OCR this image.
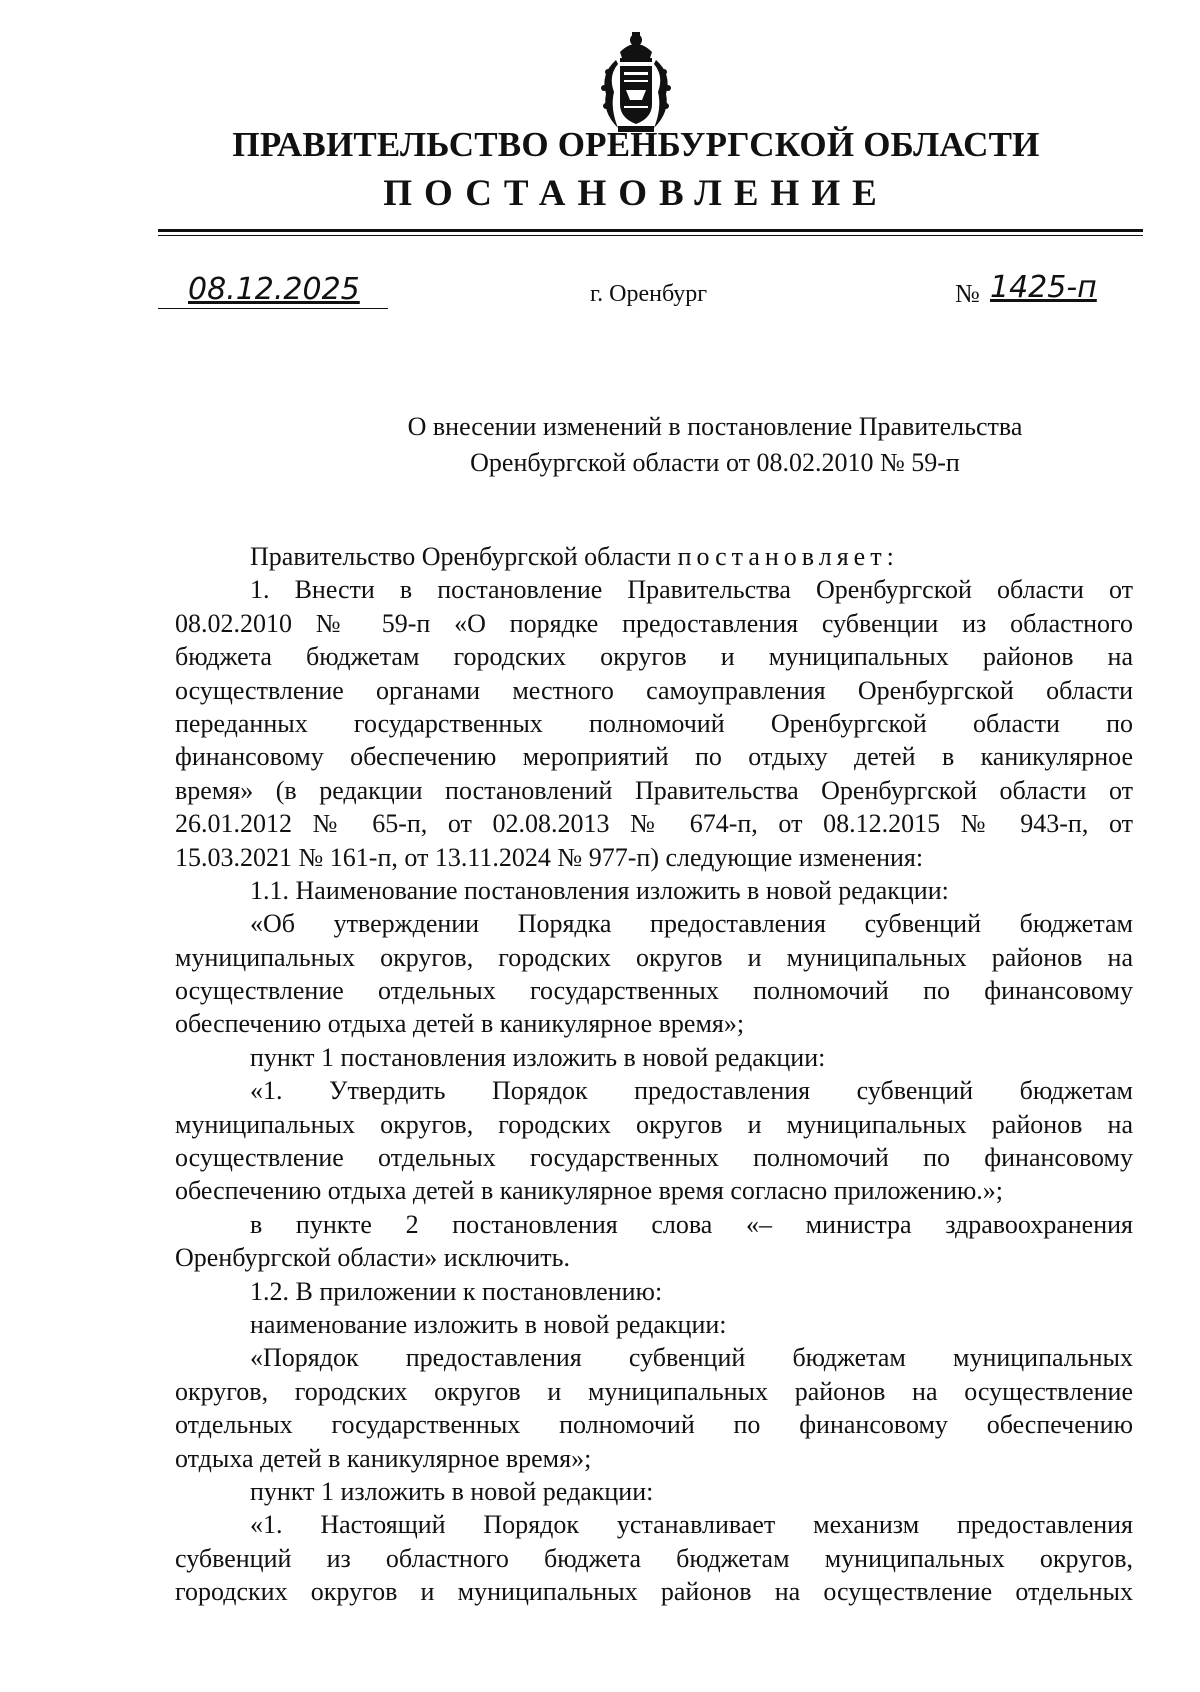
ПРАВИТЕЛЬСТВО ОРЕНБУРГСКОЙ ОБЛАСТИ
ПОСТАНОВЛЕНИЕ
08.12.2025	г. Оренбург	№ 1425-п
О внесении изменений в постановление Правительства
Оренбургской области от 08.02.2010 № 59-п
Правительство Оренбургской области постановляет:
1. Внести в постановление Правительства Оренбургской области от
08.02.2010 № 59-п «О порядке предоставления субвенции из областного
бюджета бюджетам городских округов и муниципальных районов на
осуществление органами местного самоуправления Оренбургской области
переданных государственных полномочий Оренбургской области по
финансовому обеспечению мероприятий по отдыху детей в каникулярное
время» (в редакции постановлений Правительства Оренбургской области от
26.01.2012 № 65-п, от 02.08.2013 № 674-п, от 08.12.2015 № 943-п, от
15.03.2021 № 161-п, от 13.11.2024 № 977-п) следующие изменения:
1.1. Наименование постановления изложить в новой редакции:
«Об утверждении Порядка предоставления субвенций бюджетам
муниципальных округов, городских округов и муниципальных районов на
осуществление отдельных государственных полномочий по финансовому
обеспечению отдыха детей в каникулярное время»;
пункт 1 постановления изложить в новой редакции:
«1. Утвердить Порядок предоставления субвенций бюджетам
муниципальных округов, городских округов и муниципальных районов на
осуществление отдельных государственных полномочий по финансовому
обеспечению отдыха детей в каникулярное время согласно приложению.»;
в пункте 2 постановления слова «– министра здравоохранения
Оренбургской области» исключить.
1.2. В приложении к постановлению:
наименование изложить в новой редакции:
«Порядок предоставления субвенций бюджетам муниципальных
округов, городских округов и муниципальных районов на осуществление
отдельных государственных полномочий по финансовому обеспечению
отдыха детей в каникулярное время»;
пункт 1 изложить в новой редакции:
«1. Настоящий Порядок устанавливает механизм предоставления
субвенций из областного бюджета бюджетам муниципальных округов,
городских округов и муниципальных районов на осуществление отдельных
